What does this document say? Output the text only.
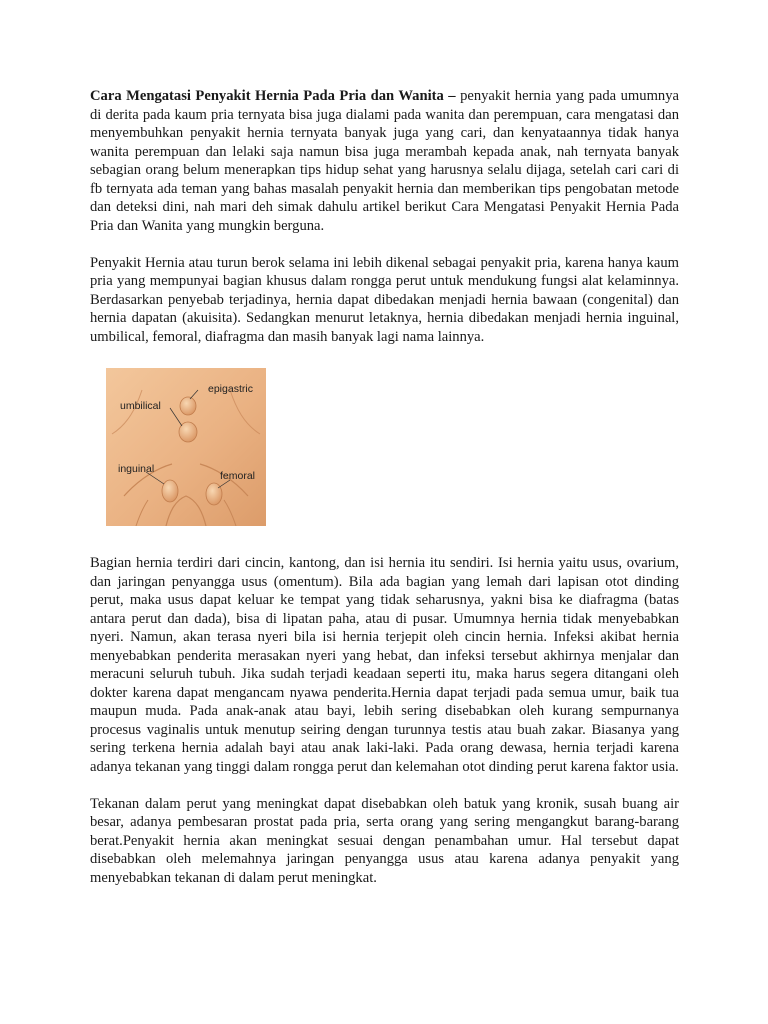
Cara Mengatasi Penyakit Hernia Pada Pria dan Wanita – penyakit hernia yang pada umumnya di derita pada kaum pria ternyata bisa juga dialami pada wanita dan perempuan, cara mengatasi dan menyembuhkan penyakit hernia ternyata banyak juga yang cari, dan kenyataannya tidak hanya wanita perempuan dan lelaki saja namun bisa juga merambah kepada anak, nah ternyata banyak sebagian orang belum menerapkan tips hidup sehat yang harusnya selalu dijaga, setelah cari cari di fb ternyata ada teman yang bahas masalah penyakit hernia dan memberikan tips pengobatan metode dan deteksi dini, nah mari deh simak dahulu artikel berikut Cara Mengatasi Penyakit Hernia Pada Pria dan Wanita yang mungkin berguna.

Penyakit Hernia atau turun berok selama ini lebih dikenal sebagai penyakit pria, karena hanya kaum pria yang mempunyai bagian khusus dalam rongga perut untuk mendukung fungsi alat kelaminnya. Berdasarkan penyebab terjadinya, hernia dapat dibedakan menjadi hernia bawaan (congenital) dan hernia dapatan (akuisita). Sedangkan menurut letaknya, hernia dibedakan menjadi hernia inguinal, umbilical, femoral, diafragma dan masih banyak lagi nama lainnya.

epigastric
umbilical
inguinal
femoral

Bagian hernia terdiri dari cincin, kantong, dan isi hernia itu sendiri. Isi hernia yaitu usus, ovarium, dan jaringan penyangga usus (omentum). Bila ada bagian yang lemah dari lapisan otot dinding perut, maka usus dapat keluar ke tempat yang tidak seharusnya, yakni bisa ke diafragma (batas antara perut dan dada), bisa di lipatan paha, atau di pusar. Umumnya hernia tidak menyebabkan nyeri. Namun, akan terasa nyeri bila isi hernia terjepit oleh cincin hernia. Infeksi akibat hernia menyebabkan penderita merasakan nyeri yang hebat, dan infeksi tersebut akhirnya menjalar dan meracuni seluruh tubuh. Jika sudah terjadi keadaan seperti itu, maka harus segera ditangani oleh dokter karena dapat mengancam nyawa penderita.Hernia dapat terjadi pada semua umur, baik tua maupun muda. Pada anak-anak atau bayi, lebih sering disebabkan oleh kurang sempurnanya procesus vaginalis untuk menutup seiring dengan turunnya testis atau buah zakar. Biasanya yang sering terkena hernia adalah bayi atau anak laki-laki. Pada orang dewasa, hernia terjadi karena adanya tekanan yang tinggi dalam rongga perut dan kelemahan otot dinding perut karena faktor usia.

Tekanan dalam perut yang meningkat dapat disebabkan oleh batuk yang kronik, susah buang air besar, adanya pembesaran prostat pada pria, serta orang yang sering mengangkut barang-barang berat.Penyakit hernia akan meningkat sesuai dengan penambahan umur. Hal tersebut dapat disebabkan oleh melemahnya jaringan penyangga usus atau karena adanya penyakit yang menyebabkan tekanan di dalam perut meningkat.
